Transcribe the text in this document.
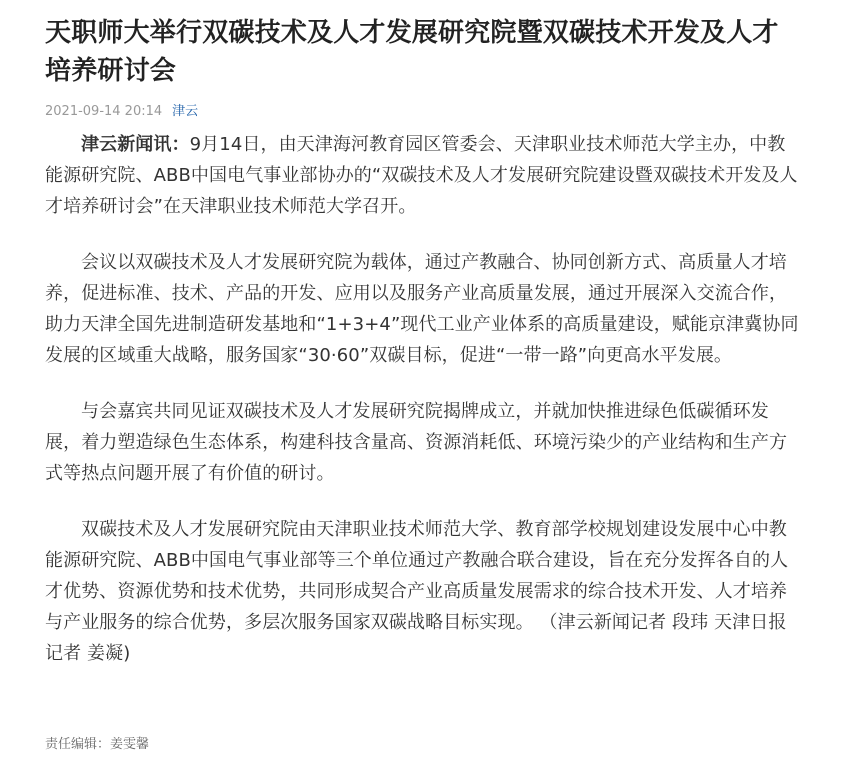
天职师大举行双碳技术及人才发展研究院暨双碳技术开发及人才培养研讨会
2021-09-14 20:14 津云

津云新闻讯：9月14日，由天津海河教育园区管委会、天津职业技术师范大学主办，中教能源研究院、ABB中国电气事业部协办的“双碳技术及人才发展研究院建设暨双碳技术开发及人才培养研讨会”在天津职业技术师范大学召开。

会议以双碳技术及人才发展研究院为载体，通过产教融合、协同创新方式、高质量人才培养，促进标准、技术、产品的开发、应用以及服务产业高质量发展，通过开展深入交流合作，助力天津全国先进制造研发基地和“1+3+4”现代工业产业体系的高质量建设，赋能京津冀协同发展的区域重大战略，服务国家“30·60”双碳目标，促进“一带一路”向更高水平发展。

与会嘉宾共同见证双碳技术及人才发展研究院揭牌成立，并就加快推进绿色低碳循环发展，着力塑造绿色生态体系，构建科技含量高、资源消耗低、环境污染少的产业结构和生产方式等热点问题开展了有价值的研讨。

双碳技术及人才发展研究院由天津职业技术师范大学、教育部学校规划建设发展中心中教能源研究院、ABB中国电气事业部等三个单位通过产教融合联合建设，旨在充分发挥各自的人才优势、资源优势和技术优势，共同形成契合产业高质量发展需求的综合技术开发、人才培养与产业服务的综合优势，多层次服务国家双碳战略目标实现。 （津云新闻记者 段玮 天津日报记者 姜凝)

责任编辑：姜雯馨
